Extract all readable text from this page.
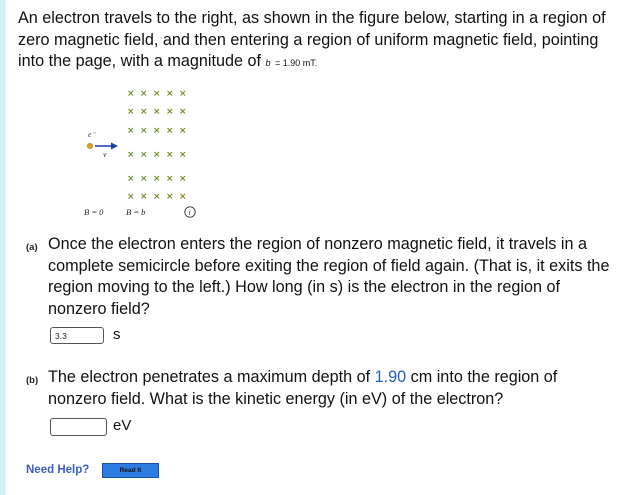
An electron travels to the right, as shown in the figure below, starting in a region of zero magnetic field, and then entering a region of uniform magnetic field, pointing into the page, with a magnitude of b = 1.90 mT.
× × × × ×
× × × × ×
× × × × ×
× × × × ×
× × × × ×
× × × × ×
e⁻
v
B = 0	B = b	i
(a) Once the electron enters the region of nonzero magnetic field, it travels in a complete semicircle before exiting the region of field again. (That is, it exits the region moving to the left.) How long (in s) is the electron in the region of nonzero field?
3.3
s
(b) The electron penetrates a maximum depth of 1.90 cm into the region of nonzero field. What is the kinetic energy (in eV) of the electron?
eV
Need Help?	Read It
